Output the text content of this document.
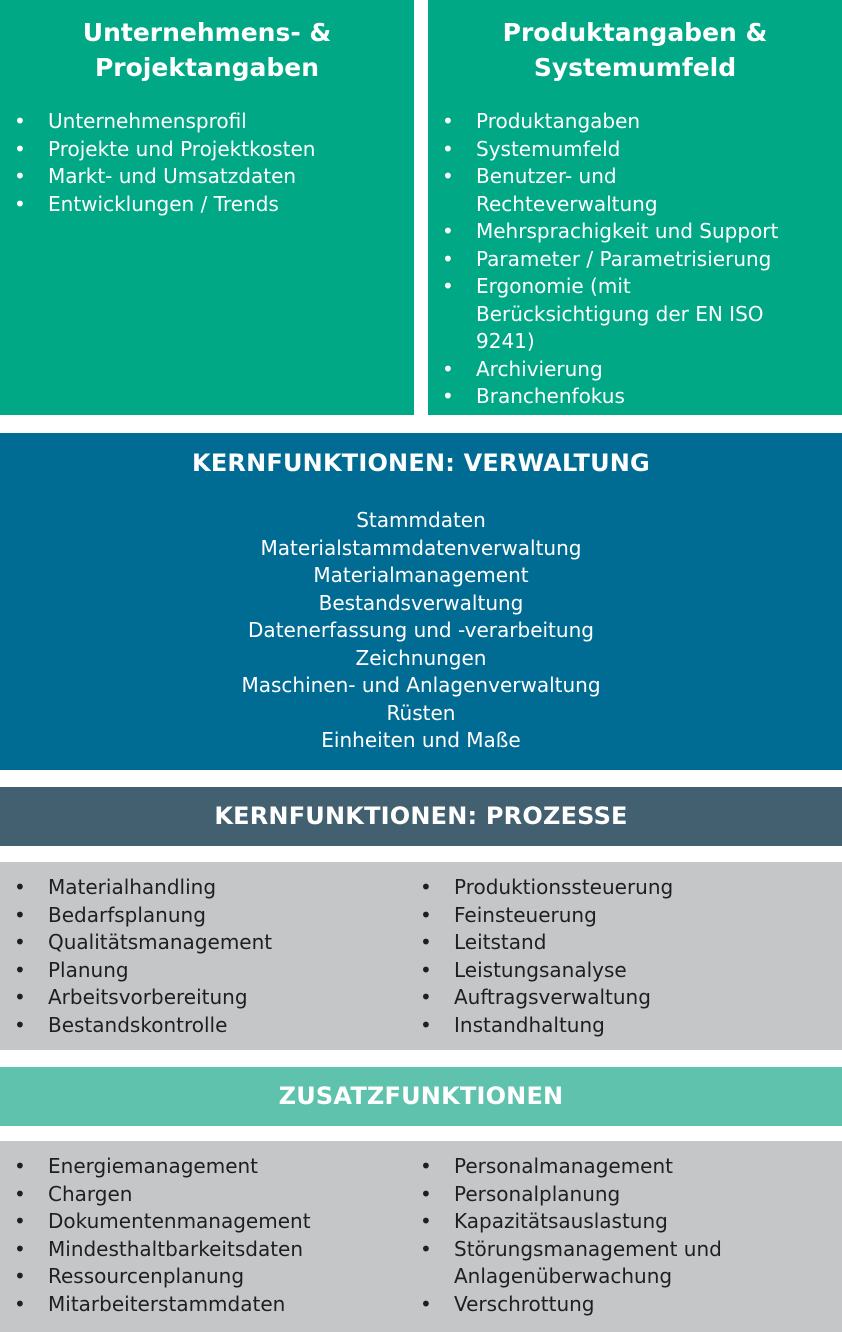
Unternehmens- & Projektangaben
• Unternehmensprofil
• Projekte und Projektkosten
• Markt- und Umsatzdaten
• Entwicklungen / Trends
Produktangaben & Systemumfeld
• Produktangaben
• Systemumfeld
• Benutzer- und Rechteverwaltung
• Mehrsprachigkeit und Support
• Parameter / Parametrisierung
• Ergonomie (mit Berücksichtigung der EN ISO 9241)
• Archivierung
• Branchenfokus
KERNFUNKTIONEN: VERWALTUNG
Stammdaten
Materialstammdatenverwaltung
Materialmanagement
Bestandsverwaltung
Datenerfassung und -verarbeitung
Zeichnungen
Maschinen- und Anlagenverwaltung
Rüsten
Einheiten und Maße
KERNFUNKTIONEN: PROZESSE
• Materialhandling
• Bedarfsplanung
• Qualitätsmanagement
• Planung
• Arbeitsvorbereitung
• Bestandskontrolle
• Produktionssteuerung
• Feinsteuerung
• Leitstand
• Leistungsanalyse
• Auftragsverwaltung
• Instandhaltung
ZUSATZFUNKTIONEN
• Energiemanagement
• Chargen
• Dokumentenmanagement
• Mindesthaltbarkeitsdaten
• Ressourcenplanung
• Mitarbeiterstammdaten
• Personalmanagement
• Personalplanung
• Kapazitätsauslastung
• Störungsmanagement und Anlagenüberwachung
• Verschrottung
